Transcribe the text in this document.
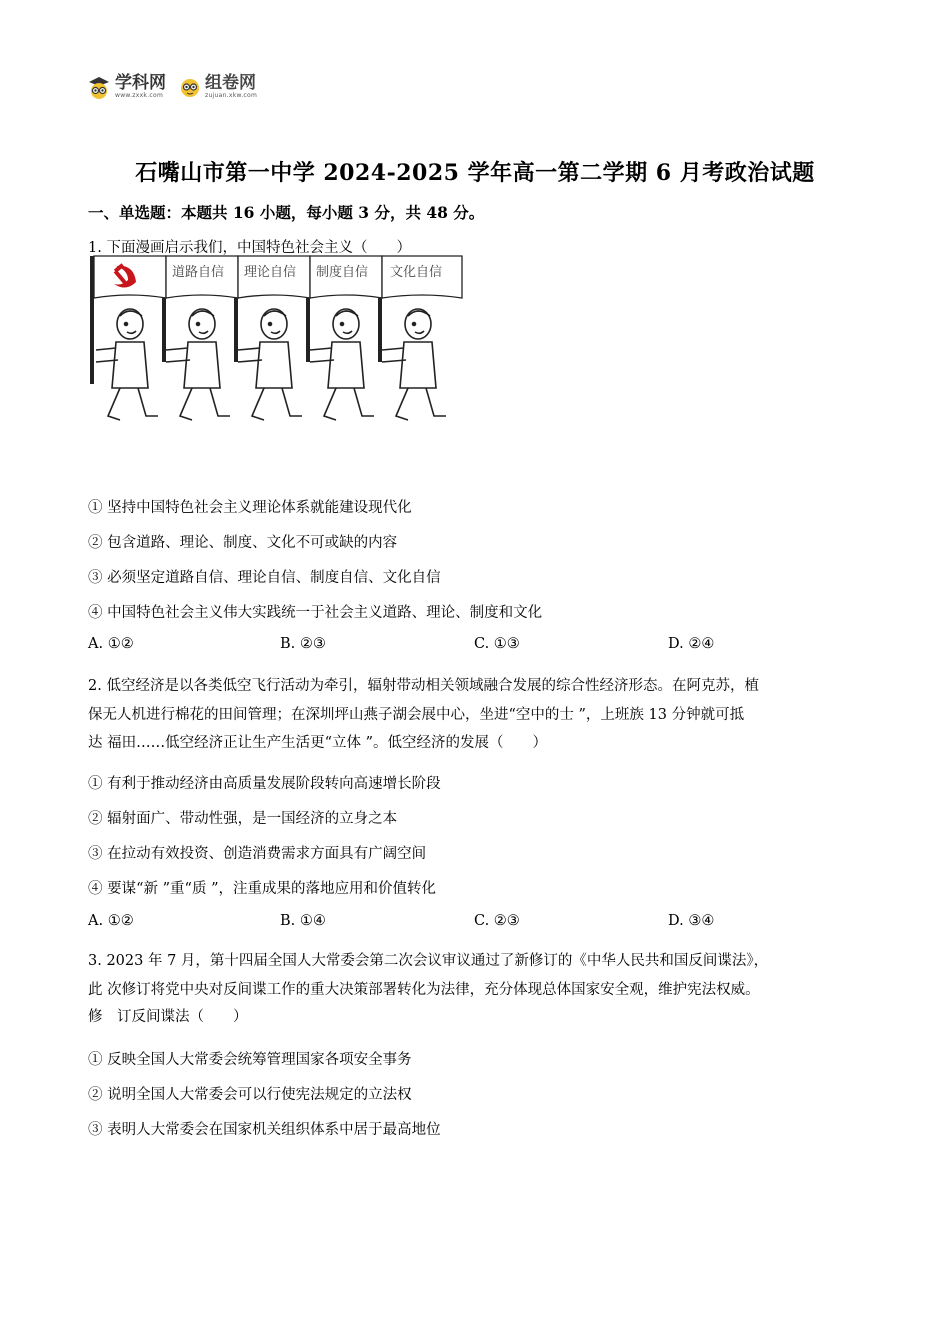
学科网
www.zxxk.com
组卷网
zujuan.xkw.com
石嘴山市第一中学 2024-2025 学年高一第二学期 6 月考政治试题
一、单选题：本题共 16 小题，每小题 3 分，共 48 分。
1. 下面漫画启示我们，中国特色社会主义（　　）
道路自信 理论自信 制度自信 文化自信
① 坚持中国特色社会主义理论体系就能建设现代化
② 包含道路、理论、制度、文化不可或缺的内容
③ 必须坚定道路自信、理论自信、制度自信、文化自信
④ 中国特色社会主义伟大实践统一于社会主义道路、理论、制度和文化
A. ①②	B. ②③	C. ①③	D. ②④
2. 低空经济是以各类低空飞行活动为牵引，辐射带动相关领域融合发展的综合性经济形态。在阿克苏，植
保无人机进行棉花的田间管理；在深圳坪山燕子湖会展中心，坐进“空中的士 ”，上班族 13 分钟就可抵
达 福田……低空经济正让生产生活更“立体 ”。低空经济的发展（　　）
① 有利于推动经济由高质量发展阶段转向高速增长阶段
② 辐射面广、带动性强，是一国经济的立身之本
③ 在拉动有效投资、创造消费需求方面具有广阔空间
④ 要谋“新 ”重“质 ”，注重成果的落地应用和价值转化
A. ①②	B. ①④	C. ②③	D. ③④
3. 2023 年 7 月，第十四届全国人大常委会第二次会议审议通过了新修订的《中华人民共和国反间谍法》，
此 次修订将党中央对反间谍工作的重大决策部署转化为法律，充分体现总体国家安全观，维护宪法权威。
修　订反间谍法（　　）
① 反映全国人大常委会统筹管理国家各项安全事务
② 说明全国人大常委会可以行使宪法规定的立法权
③ 表明人大常委会在国家机关组织体系中居于最高地位
